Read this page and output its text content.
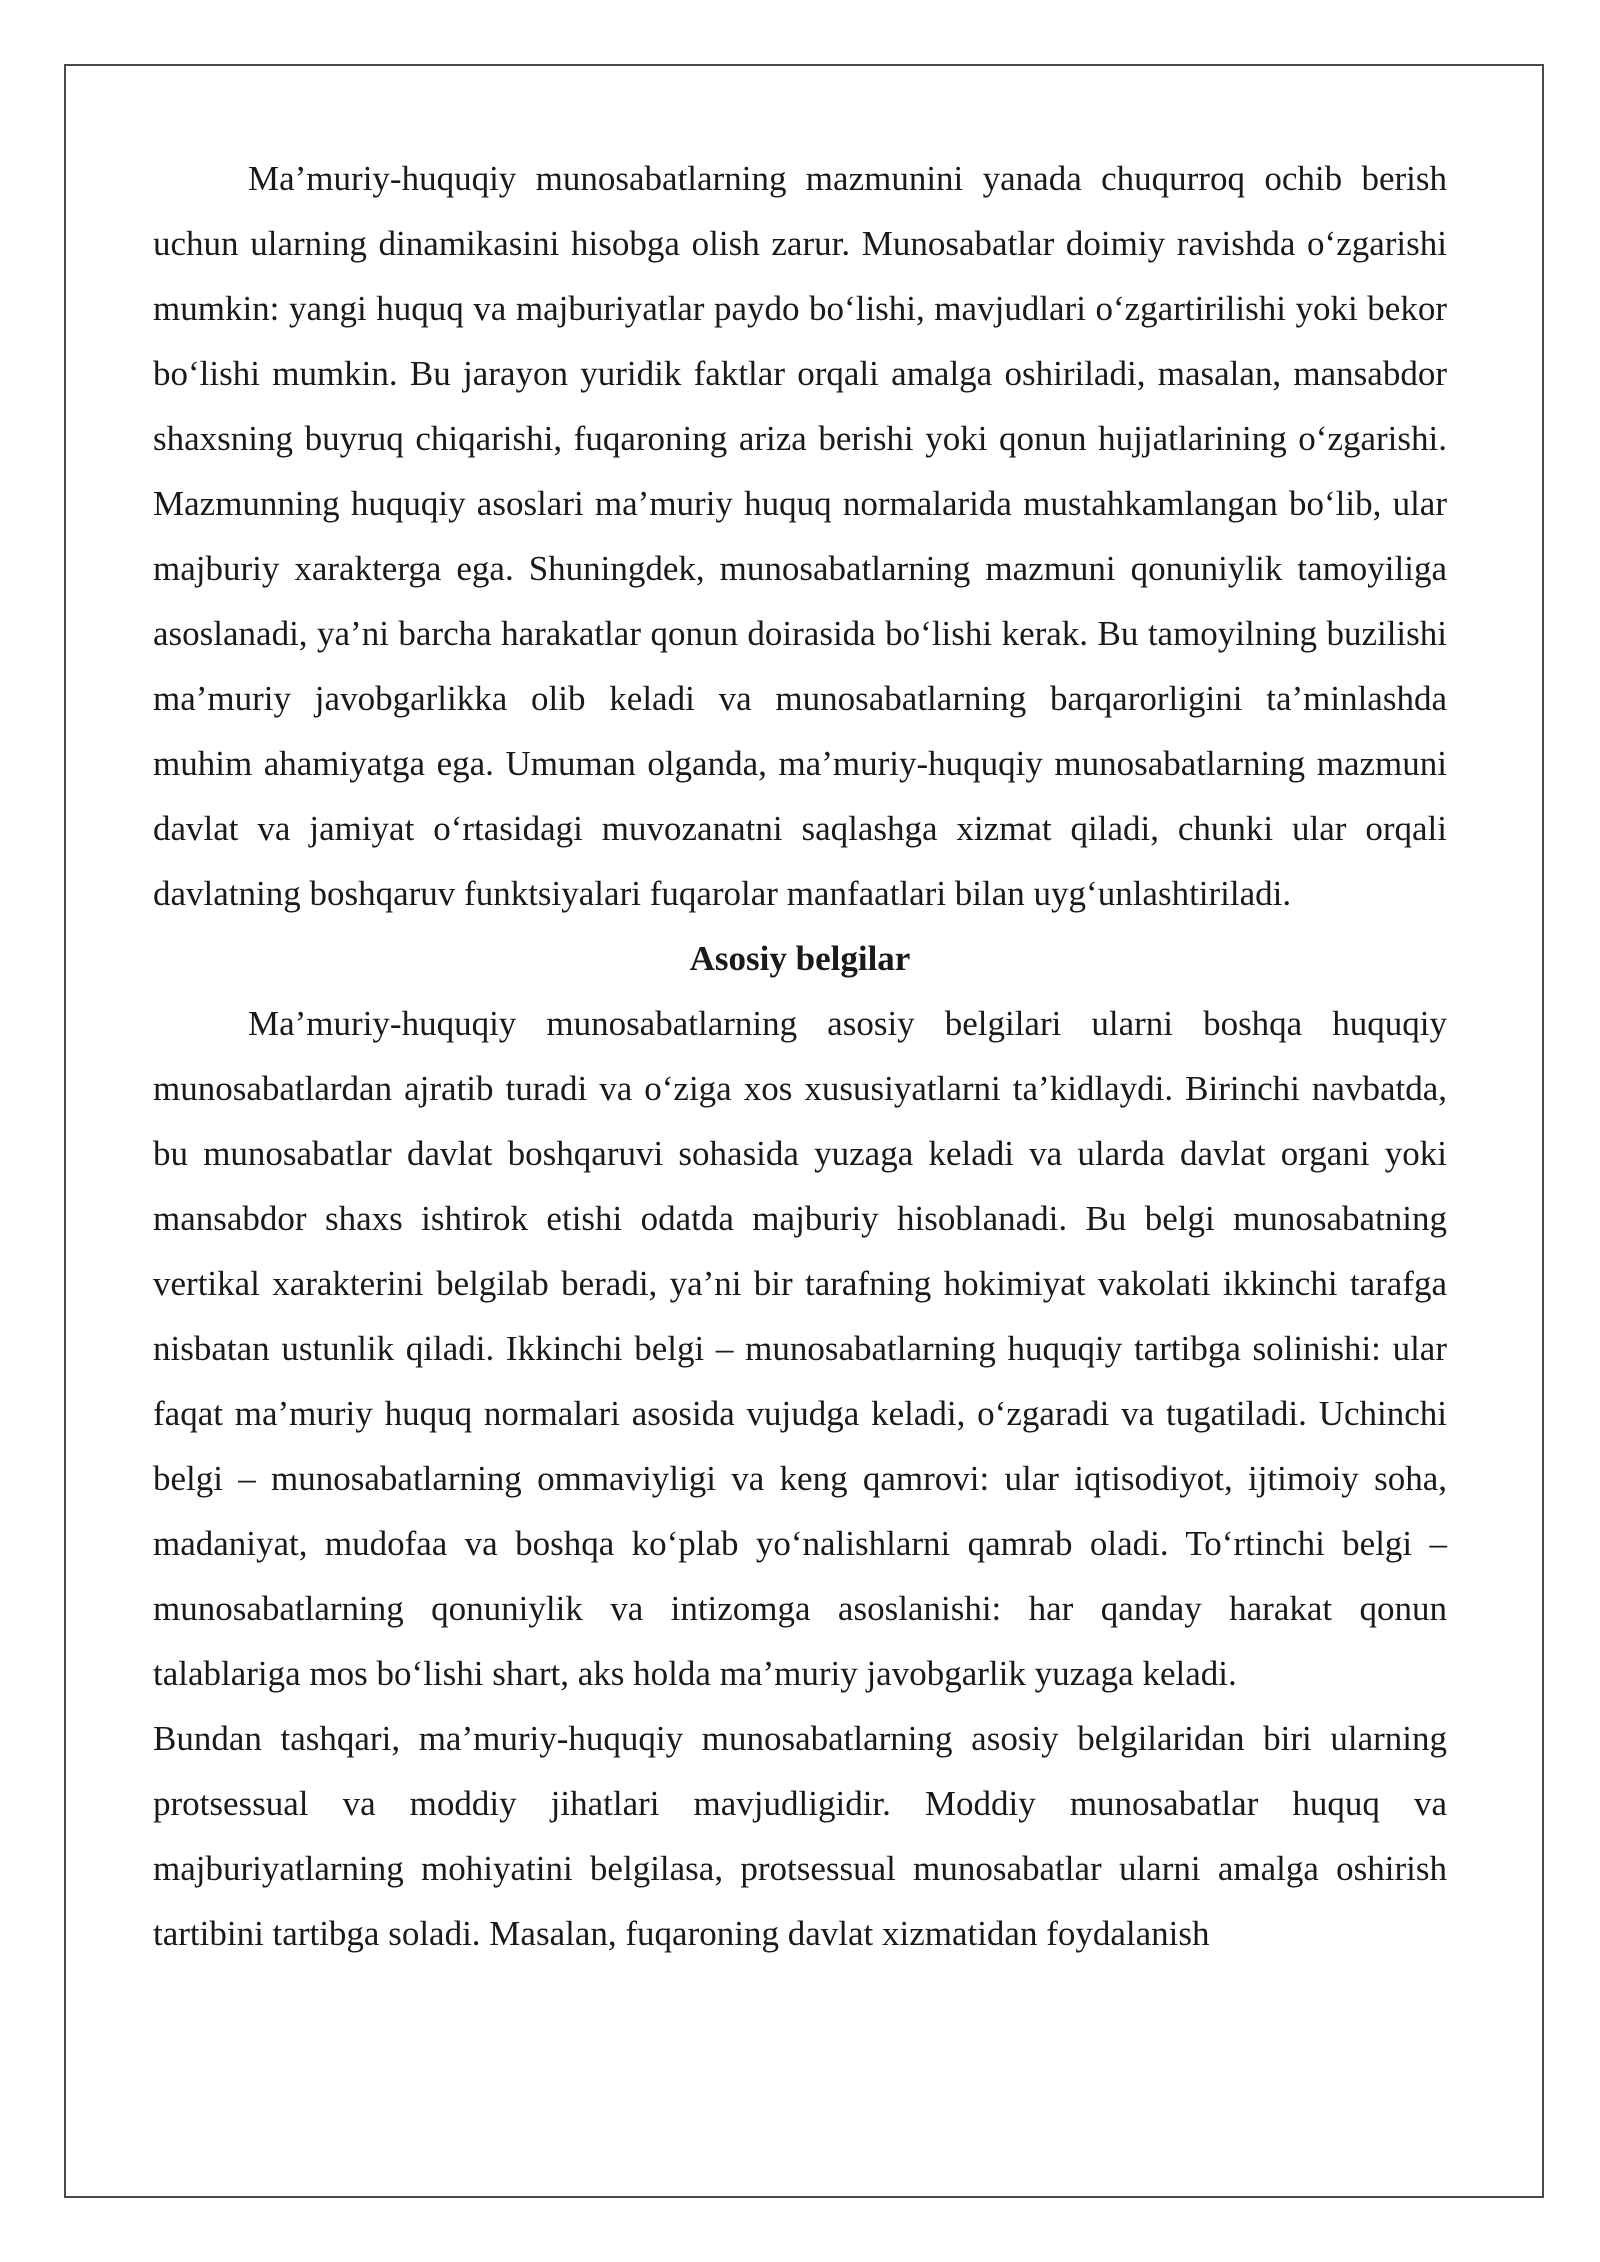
Ma’muriy-huquqiy munosabatlarning mazmunini yanada chuqurroq ochib berish uchun ularning dinamikasini hisobga olish zarur. Munosabatlar doimiy ravishda o‘zgarishi mumkin: yangi huquq va majburiyatlar paydo bo‘lishi, mavjudlari o‘zgartirilishi yoki bekor bo‘lishi mumkin. Bu jarayon yuridik faktlar orqali amalga oshiriladi, masalan, mansabdor shaxsning buyruq chiqarishi, fuqaroning ariza berishi yoki qonun hujjatlarining o‘zgarishi. Mazmunning huquqiy asoslari ma’muriy huquq normalarida mustahkamlangan bo‘lib, ular majburiy xarakterga ega. Shuningdek, munosabatlarning mazmuni qonuniylik tamoyiliga asoslanadi, ya’ni barcha harakatlar qonun doirasida bo‘lishi kerak. Bu tamoyilning buzilishi ma’muriy javobgarlikka olib keladi va munosabatlarning barqarorligini ta’minlashda muhim ahamiyatga ega. Umuman olganda, ma’muriy-huquqiy munosabatlarning mazmuni davlat va jamiyat o‘rtasidagi muvozanatni saqlashga xizmat qiladi, chunki ular orqali davlatning boshqaruv funktsiyalari fuqarolar manfaatlari bilan uyg‘unlashtiriladi.

Asosiy belgilar

Ma’muriy-huquqiy munosabatlarning asosiy belgilari ularni boshqa huquqiy munosabatlardan ajratib turadi va o‘ziga xos xususiyatlarni ta’kidlaydi. Birinchi navbatda, bu munosabatlar davlat boshqaruvi sohasida yuzaga keladi va ularda davlat organi yoki mansabdor shaxs ishtirok etishi odatda majburiy hisoblanadi. Bu belgi munosabatning vertikal xarakterini belgilab beradi, ya’ni bir tarafning hokimiyat vakolati ikkinchi tarafga nisbatan ustunlik qiladi. Ikkinchi belgi – munosabatlarning huquqiy tartibga solinishi: ular faqat ma’muriy huquq normalari asosida vujudga keladi, o‘zgaradi va tugatiladi. Uchinchi belgi – munosabatlarning ommaviyligi va keng qamrovi: ular iqtisodiyot, ijtimoiy soha, madaniyat, mudofaa va boshqa ko‘plab yo‘nalishlarni qamrab oladi. To‘rtinchi belgi – munosabatlarning qonuniylik va intizomga asoslanishi: har qanday harakat qonun talablariga mos bo‘lishi shart, aks holda ma’muriy javobgarlik yuzaga keladi.

Bundan tashqari, ma’muriy-huquqiy munosabatlarning asosiy belgilaridan biri ularning protsessual va moddiy jihatlari mavjudligidir. Moddiy munosabatlar huquq va majburiyatlarning mohiyatini belgilasa, protsessual munosabatlar ularni amalga oshirish tartibini tartibga soladi. Masalan, fuqaroning davlat xizmatidan foydalanish
